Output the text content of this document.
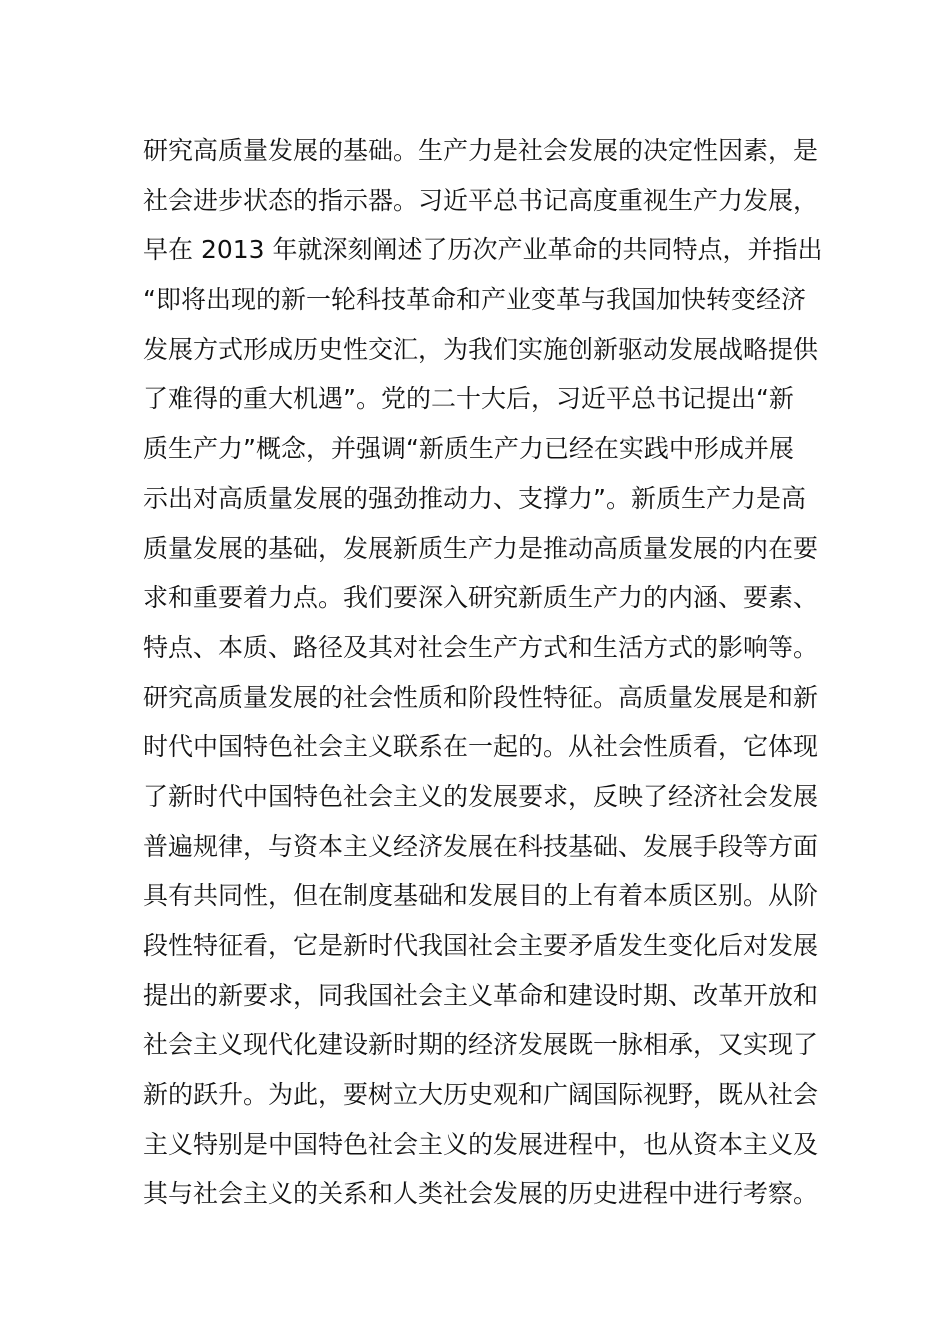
研究高质量发展的基础。生产力是社会发展的决定性因素，是
社会进步状态的指示器。习近平总书记高度重视生产力发展，
早在 2013 年就深刻阐述了历次产业革命的共同特点，并指出
“即将出现的新一轮科技革命和产业变革与我国加快转变经济
发展方式形成历史性交汇，为我们实施创新驱动发展战略提供
了难得的重大机遇”。党的二十大后，习近平总书记提出“新
质生产力”概念，并强调“新质生产力已经在实践中形成并展
示出对高质量发展的强劲推动力、支撑力”。新质生产力是高
质量发展的基础，发展新质生产力是推动高质量发展的内在要
求和重要着力点。我们要深入研究新质生产力的内涵、要素、
特点、本质、路径及其对社会生产方式和生活方式的影响等。
研究高质量发展的社会性质和阶段性特征。高质量发展是和新
时代中国特色社会主义联系在一起的。从社会性质看，它体现
了新时代中国特色社会主义的发展要求，反映了经济社会发展
普遍规律，与资本主义经济发展在科技基础、发展手段等方面
具有共同性，但在制度基础和发展目的上有着本质区别。从阶
段性特征看，它是新时代我国社会主要矛盾发生变化后对发展
提出的新要求，同我国社会主义革命和建设时期、改革开放和
社会主义现代化建设新时期的经济发展既一脉相承，又实现了
新的跃升。为此，要树立大历史观和广阔国际视野，既从社会
主义特别是中国特色社会主义的发展进程中，也从资本主义及
其与社会主义的关系和人类社会发展的历史进程中进行考察。
